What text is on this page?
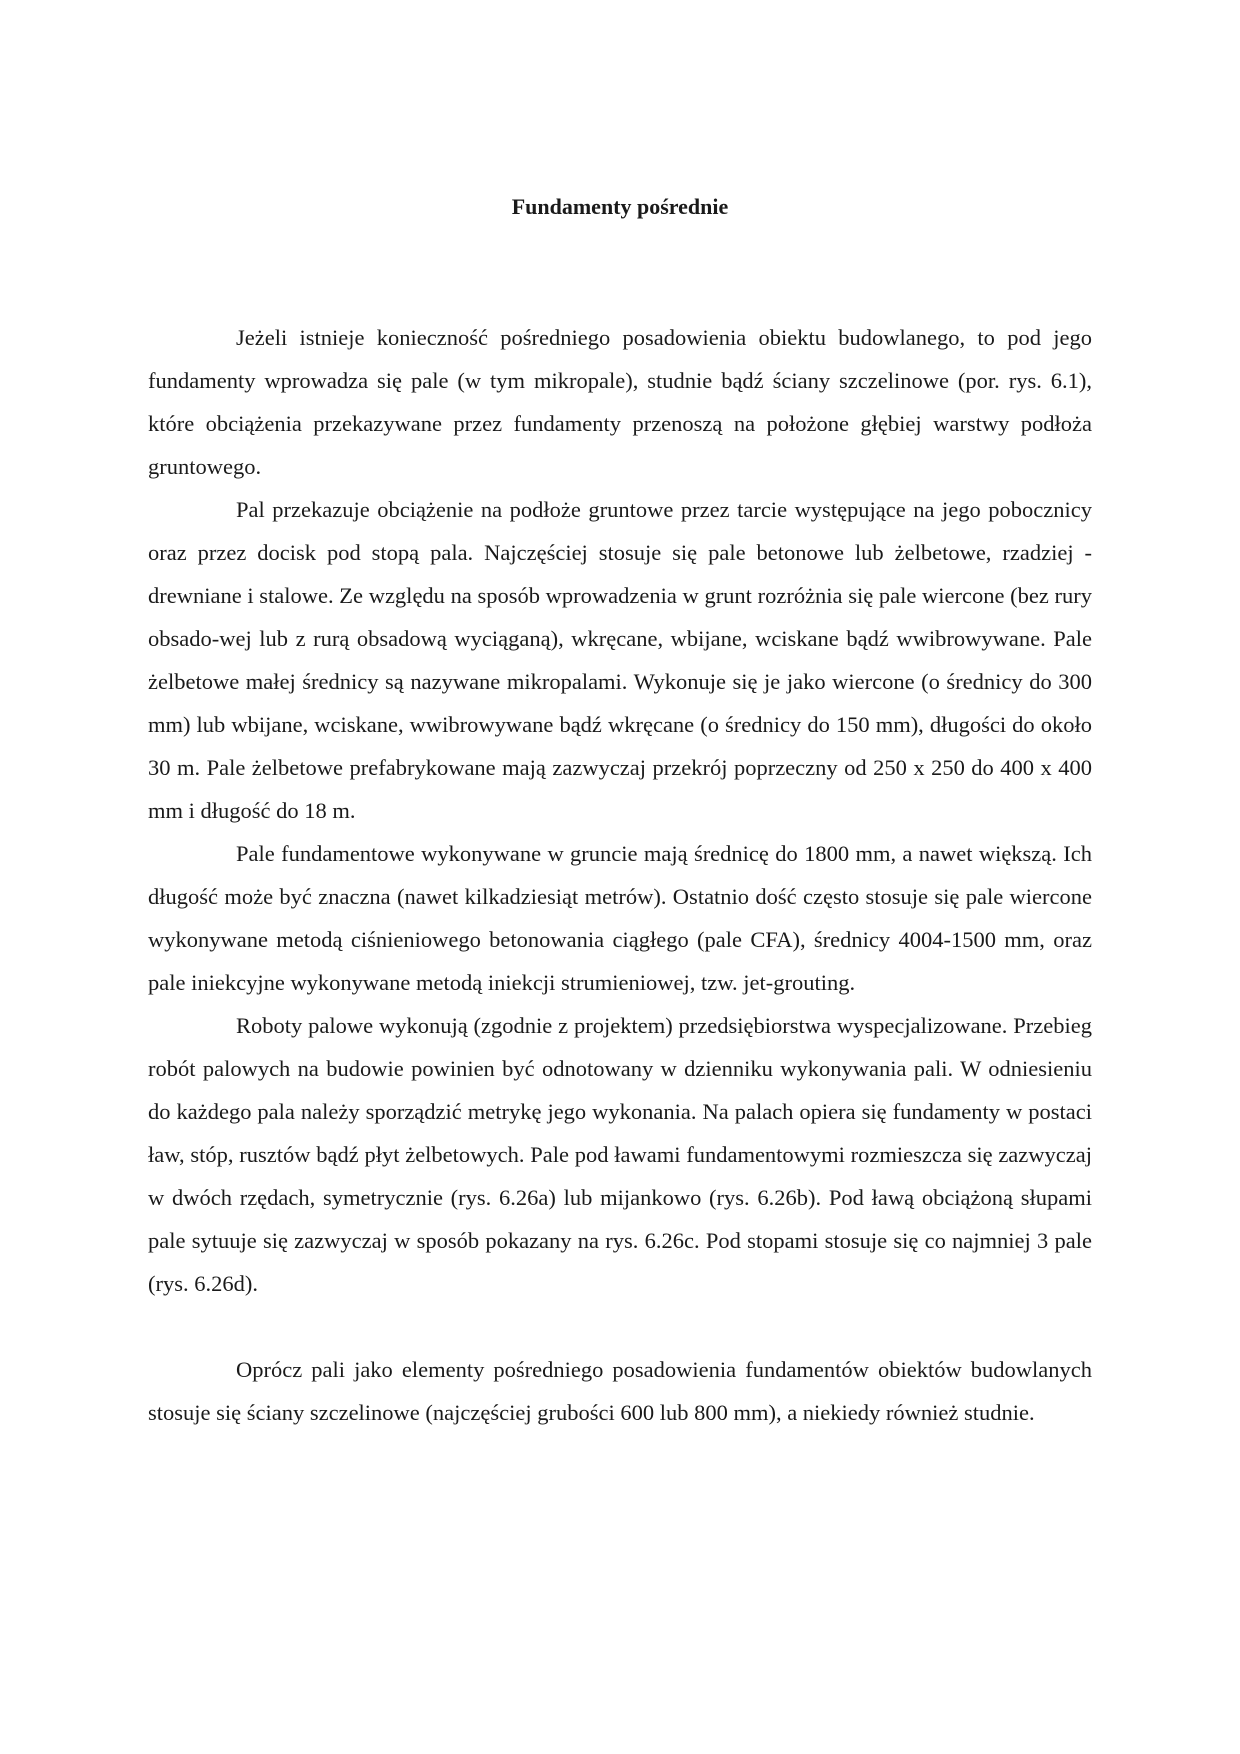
Fundamenty pośrednie

Jeżeli istnieje konieczność pośredniego posadowienia obiektu budowlanego, to pod jego fundamenty wprowadza się pale (w tym mikropale), studnie bądź ściany szczelinowe (por. rys. 6.1), które obciążenia przekazywane przez fundamenty przenoszą na położone głębiej warstwy podłoża gruntowego.

Pal przekazuje obciążenie na podłoże gruntowe przez tarcie występujące na jego pobocznicy oraz przez docisk pod stopą pala. Najczęściej stosuje się pale betonowe lub żelbetowe, rzadziej - drewniane i stalowe. Ze względu na sposób wprowadzenia w grunt rozróżnia się pale wiercone (bez rury obsado-wej lub z rurą obsadową wyciąganą), wkręcane, wbijane, wciskane bądź wwibrowywane. Pale żelbetowe małej średnicy są nazywane mikropalami. Wykonuje się je jako wiercone (o średnicy do 300 mm) lub wbijane, wciskane, wwibrowywane bądź wkręcane (o średnicy do 150 mm), długości do około 30 m. Pale żelbetowe prefabrykowane mają zazwyczaj przekrój poprzeczny od 250 x 250 do 400 x 400 mm i długość do 18 m.

Pale fundamentowe wykonywane w gruncie mają średnicę do 1800 mm, a nawet większą. Ich długość może być znaczna (nawet kilkadziesiąt metrów). Ostatnio dość często stosuje się pale wiercone wykonywane metodą ciśnieniowego betonowania ciągłego (pale CFA), średnicy 4004-1500 mm, oraz pale iniekcyjne wykonywane metodą iniekcji strumieniowej, tzw. jet-grouting.

Roboty palowe wykonują (zgodnie z projektem) przedsiębiorstwa wyspecjalizowane. Przebieg robót palowych na budowie powinien być odnotowany w dzienniku wykonywania pali. W odniesieniu do każdego pala należy sporządzić metrykę jego wykonania. Na palach opiera się fundamenty w postaci ław, stóp, rusztów bądź płyt żelbetowych. Pale pod ławami fundamentowymi rozmieszcza się zazwyczaj w dwóch rzędach, symetrycznie (rys. 6.26a) lub mijankowo (rys. 6.26b). Pod ławą obciążoną słupami pale sytuuje się zazwyczaj w sposób pokazany na rys. 6.26c. Pod stopami stosuje się co najmniej 3 pale (rys. 6.26d).

Oprócz pali jako elementy pośredniego posadowienia fundamentów obiektów budowlanych stosuje się ściany szczelinowe (najczęściej grubości 600 lub 800 mm), a niekiedy również studnie.
